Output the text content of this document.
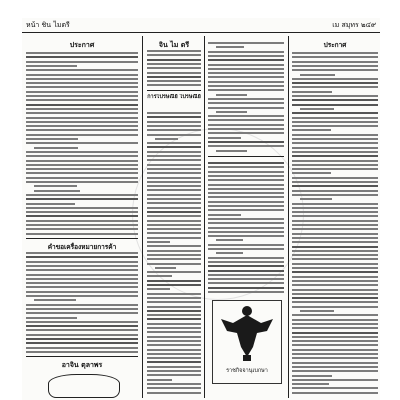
หน้า ชิน ไมตรี	เม สมุทร ๒๔๙
ประกาศ
คำขอเครื่องหมายการค้า
อาจิน ตุลาพร
จิน ไม ตรี
การไปรษณีย์ ไปรษณีย์
ราชกิจจานุเบกษา
ประกาศ
